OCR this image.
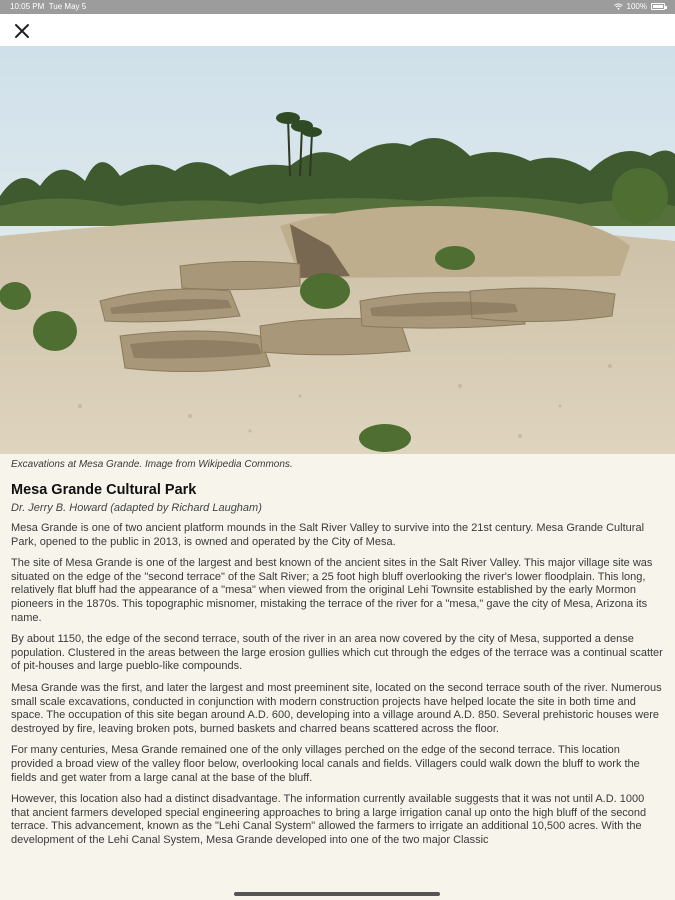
10:05 PM Tue May 5	100%
Excavations at Mesa Grande. Image from Wikipedia Commons.
Mesa Grande Cultural Park
Dr. Jerry B. Howard (adapted by Richard Laugham)

Mesa Grande is one of two ancient platform mounds in the Salt River Valley to survive into the 21st century. Mesa Grande Cultural Park, opened to the public in 2013, is owned and operated by the City of Mesa.

The site of Mesa Grande is one of the largest and best known of the ancient sites in the Salt River Valley. This major village site was situated on the edge of the "second terrace" of the Salt River; a 25 foot high bluff overlooking the river's lower floodplain. This long, relatively flat bluff had the appearance of a "mesa" when viewed from the original Lehi Townsite established by the early Mormon pioneers in the 1870s. This topographic misnomer, mistaking the terrace of the river for a "mesa," gave the city of Mesa, Arizona its name.

By about 1150, the edge of the second terrace, south of the river in an area now covered by the city of Mesa, supported a dense population. Clustered in the areas between the large erosion gullies which cut through the edges of the terrace was a continual scatter of pit-houses and large pueblo-like compounds.

Mesa Grande was the first, and later the largest and most preeminent site, located on the second terrace south of the river. Numerous small scale excavations, conducted in conjunction with modern construction projects have helped locate the site in both time and space. The occupation of this site began around A.D. 600, developing into a village around A.D. 850. Several prehistoric houses were destroyed by fire, leaving broken pots, burned baskets and charred beans scattered across the floor.

For many centuries, Mesa Grande remained one of the only villages perched on the edge of the second terrace. This location provided a broad view of the valley floor below, overlooking local canals and fields. Villagers could walk down the bluff to work the fields and get water from a large canal at the base of the bluff.

However, this location also had a distinct disadvantage. The information currently available suggests that it was not until A.D. 1000 that ancient farmers developed special engineering approaches to bring a large irrigation canal up onto the high bluff of the second terrace. This advancement, known as the "Lehi Canal System" allowed the farmers to irrigate an additional 10,500 acres. With the development of the Lehi Canal System, Mesa Grande developed into one of the two major Classic
